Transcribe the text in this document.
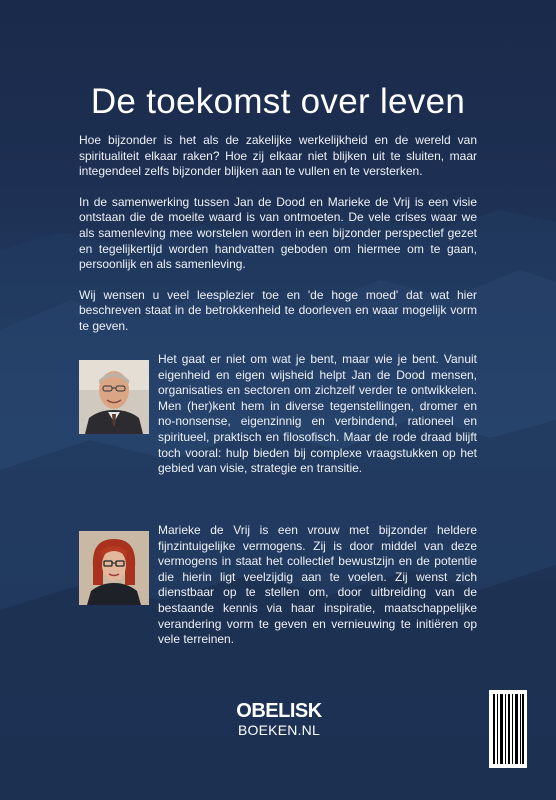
De toekomst over leven

Hoe bijzonder is het als de zakelijke werkelijkheid en de wereld van spiritualiteit elkaar raken? Hoe zij elkaar niet blijken uit te sluiten, maar integendeel zelfs bijzonder blijken aan te vullen en te versterken.

In de samenwerking tussen Jan de Dood en Marieke de Vrij is een visie ontstaan die de moeite waard is van ontmoeten. De vele crises waar we als samenleving mee worstelen worden in een bijzonder perspectief gezet en tegelijkertijd worden handvatten geboden om hiermee om te gaan, persoonlijk en als samenleving.

Wij wensen u veel leesplezier toe en 'de hoge moed' dat wat hier beschreven staat in de betrokkenheid te doorleven en waar mogelijk vorm te geven.

Het gaat er niet om wat je bent, maar wie je bent. Vanuit eigenheid en eigen wijsheid helpt Jan de Dood mensen, organisaties en sectoren om zichzelf verder te ontwikkelen. Men (her)kent hem in diverse tegenstellingen, dromer en no-nonsense, eigenzinnig en verbindend, rationeel en spiritueel, praktisch en filosofisch. Maar de rode draad blijft toch vooral: hulp bieden bij complexe vraagstukken op het gebied van visie, strategie en transitie.
Marieke de Vrij is een vrouw met bijzonder heldere fijnzintuigelijke vermogens. Zij is door middel van deze vermogens in staat het collectief bewustzijn en de potentie die hierin ligt veelzijdig aan te voelen. Zij wenst zich dienstbaar op te stellen om, door uitbreiding van de bestaande kennis via haar inspiratie, maatschappelijke verandering vorm te geven en vernieuwing te initiëren op vele terreinen.
OBELISK
BOEKEN.NL
